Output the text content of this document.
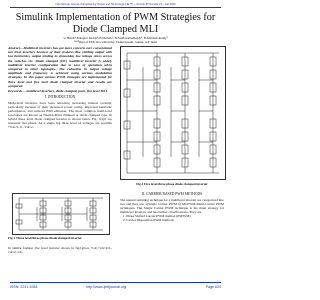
International Journal of Engineering Trends and Technology (IJETT) – Volume 30 Number 12 – Jan 2016
Simulink Implementation of PWM Strategies for Diode Clamped MLI
V. Harish¹,B.Rajeev Reddy², B.Nirmala³, D.SaiPrasannaReddy⁴, B.Abhilash Reddy⁵
¹²³⁴⁵Dept of EEE, KG University, Vaddeswaram, Guntur, A.P. India

Abstract—Multilevel inverters has got more concern over conventional two level inverters because of their features like yielding output with low harmonics, output tending to sinusoidal, low voltage stress across the switches etc. Diode clamped (DC) multilevel inverter is widely multilevel inverter configuration due to ease of operation when compared to other topologies. The reduction in output voltage amplitude and frequency is achieved using various modulation strategies. In this paper various PWM strategies are implemented for three level and five level diode clamped inverter and results are compared.

Keywords— multilevel inverters, diode clamped, pwm, five level MLI.

I. INTRODUCTION

Multi-level inverters have been attracting increasing interest recently, particularly because of their increased power rating, improved harmonic performance, and reduced EMI emission. The most common multi-level topologies are known as Neutral-Point clamped or diode clamped type. In hybrid these level diode clamped inverter is shown below Fig. 1(a)if top represent two phase. As a single leg three level of voltages are possible +Vdc/2, 0, -Vdc/2.

Fig.1 Three level/three phase diode clamped inverter
In similar fashion five level inverter shown in fig2.gives +vdc,+vdc/2,0,-vdc/2,-vdc.
Fig.2 Five level three phase diode clamped inverter
II. CARRIER BASED PWM METHODS

The natural sampling technique for a multilevel inverter are categorized into two and they are: a)Single Carrier PWM b) MCPWM-Multi-Carrier PWM techniques. The Single Carrier PWM technique is the main strategy for multilevel inverters and has further classifications. They are

1. Phase Shifted Carrier PWM method (PSPWM)
2. Carrier Disposition PWM methods
ISSN: 2231-5381	http://www.ijettjournal.org	Page 634
